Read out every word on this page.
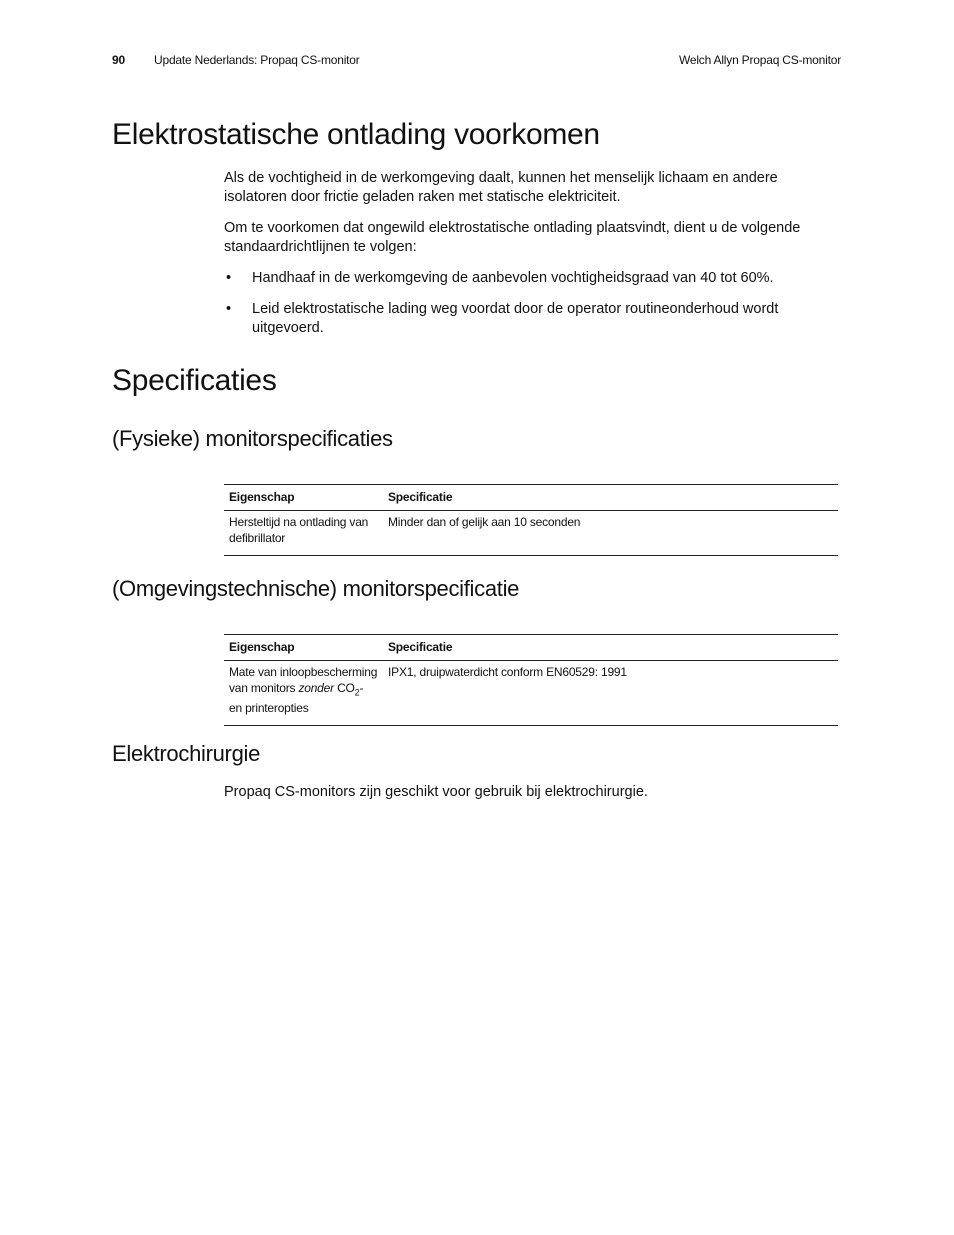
90 Update Nederlands: Propaq CS-monitor	Welch Allyn Propaq CS-monitor
Elektrostatische ontlading voorkomen

Als de vochtigheid in de werkomgeving daalt, kunnen het menselijk lichaam en andere isolatoren door frictie geladen raken met statische elektriciteit.

Om te voorkomen dat ongewild elektrostatische ontlading plaatsvindt, dient u de volgende standaardrichtlijnen te volgen:

• Handhaaf in de werkomgeving de aanbevolen vochtigheidsgraad van 40 tot 60%.
• Leid elektrostatische lading weg voordat door de operator routineonderhoud wordt uitgevoerd.
Specificaties
(Fysieke) monitorspecificaties
Eigenschap	Specificatie
Hersteltijd na ontlading van defibrillator	Minder dan of gelijk aan 10 seconden
(Omgevingstechnische) monitorspecificatie
Eigenschap	Specificatie
Mate van inloopbescherming van monitors zonder $CO_2-$ en printeropties	IPX1, druipwaterdicht conform EN60529: 1991
Elektrochirurgie

Propaq CS-monitors zijn geschikt voor gebruik bij elektrochirurgie.
